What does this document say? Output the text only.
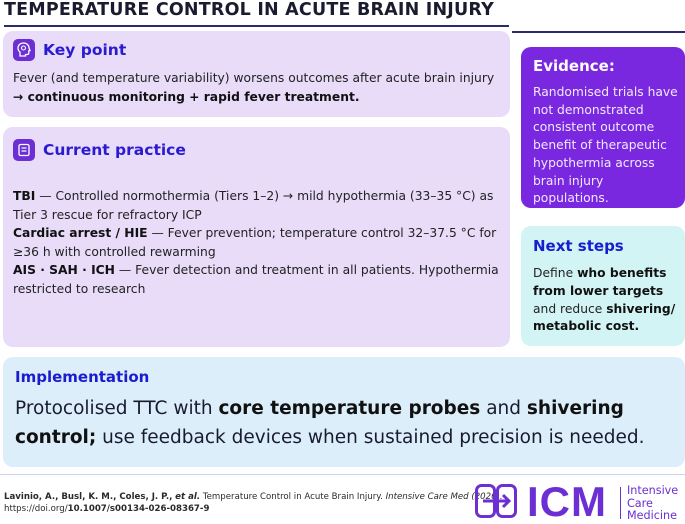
TEMPERATURE CONTROL IN ACUTE BRAIN INJURY
Key point
Fever (and temperature variability) worsens outcomes after acute brain injury
→ continuous monitoring + rapid fever treatment.
Current practice
TBI — Controlled normothermia (Tiers 1–2) → mild hypothermia (33–35 °C) as Tier 3 rescue for refractory ICP
Cardiac arrest / HIE — Fever prevention; temperature control 32–37.5 °C for ≥36 h with controlled rewarming
AIS · SAH · ICH — Fever detection and treatment in all patients. Hypothermia restricted to research
Evidence:
Randomised trials have not demonstrated consistent outcome benefit of therapeutic hypothermia across brain injury populations.
Next steps
Define who benefits from lower targets and reduce shivering/ metabolic cost.
Implementation
Protocolised TTC with core temperature probes and shivering control; use feedback devices when sustained precision is needed.
Lavinio, A., Busl, K. M., Coles, J. P., et al. Temperature Control in Acute Brain Injury. Intensive Care Med (2026).
https://doi.org/10.1007/s00134-026-08367-9	ICM Intensive
Care
Medicine
